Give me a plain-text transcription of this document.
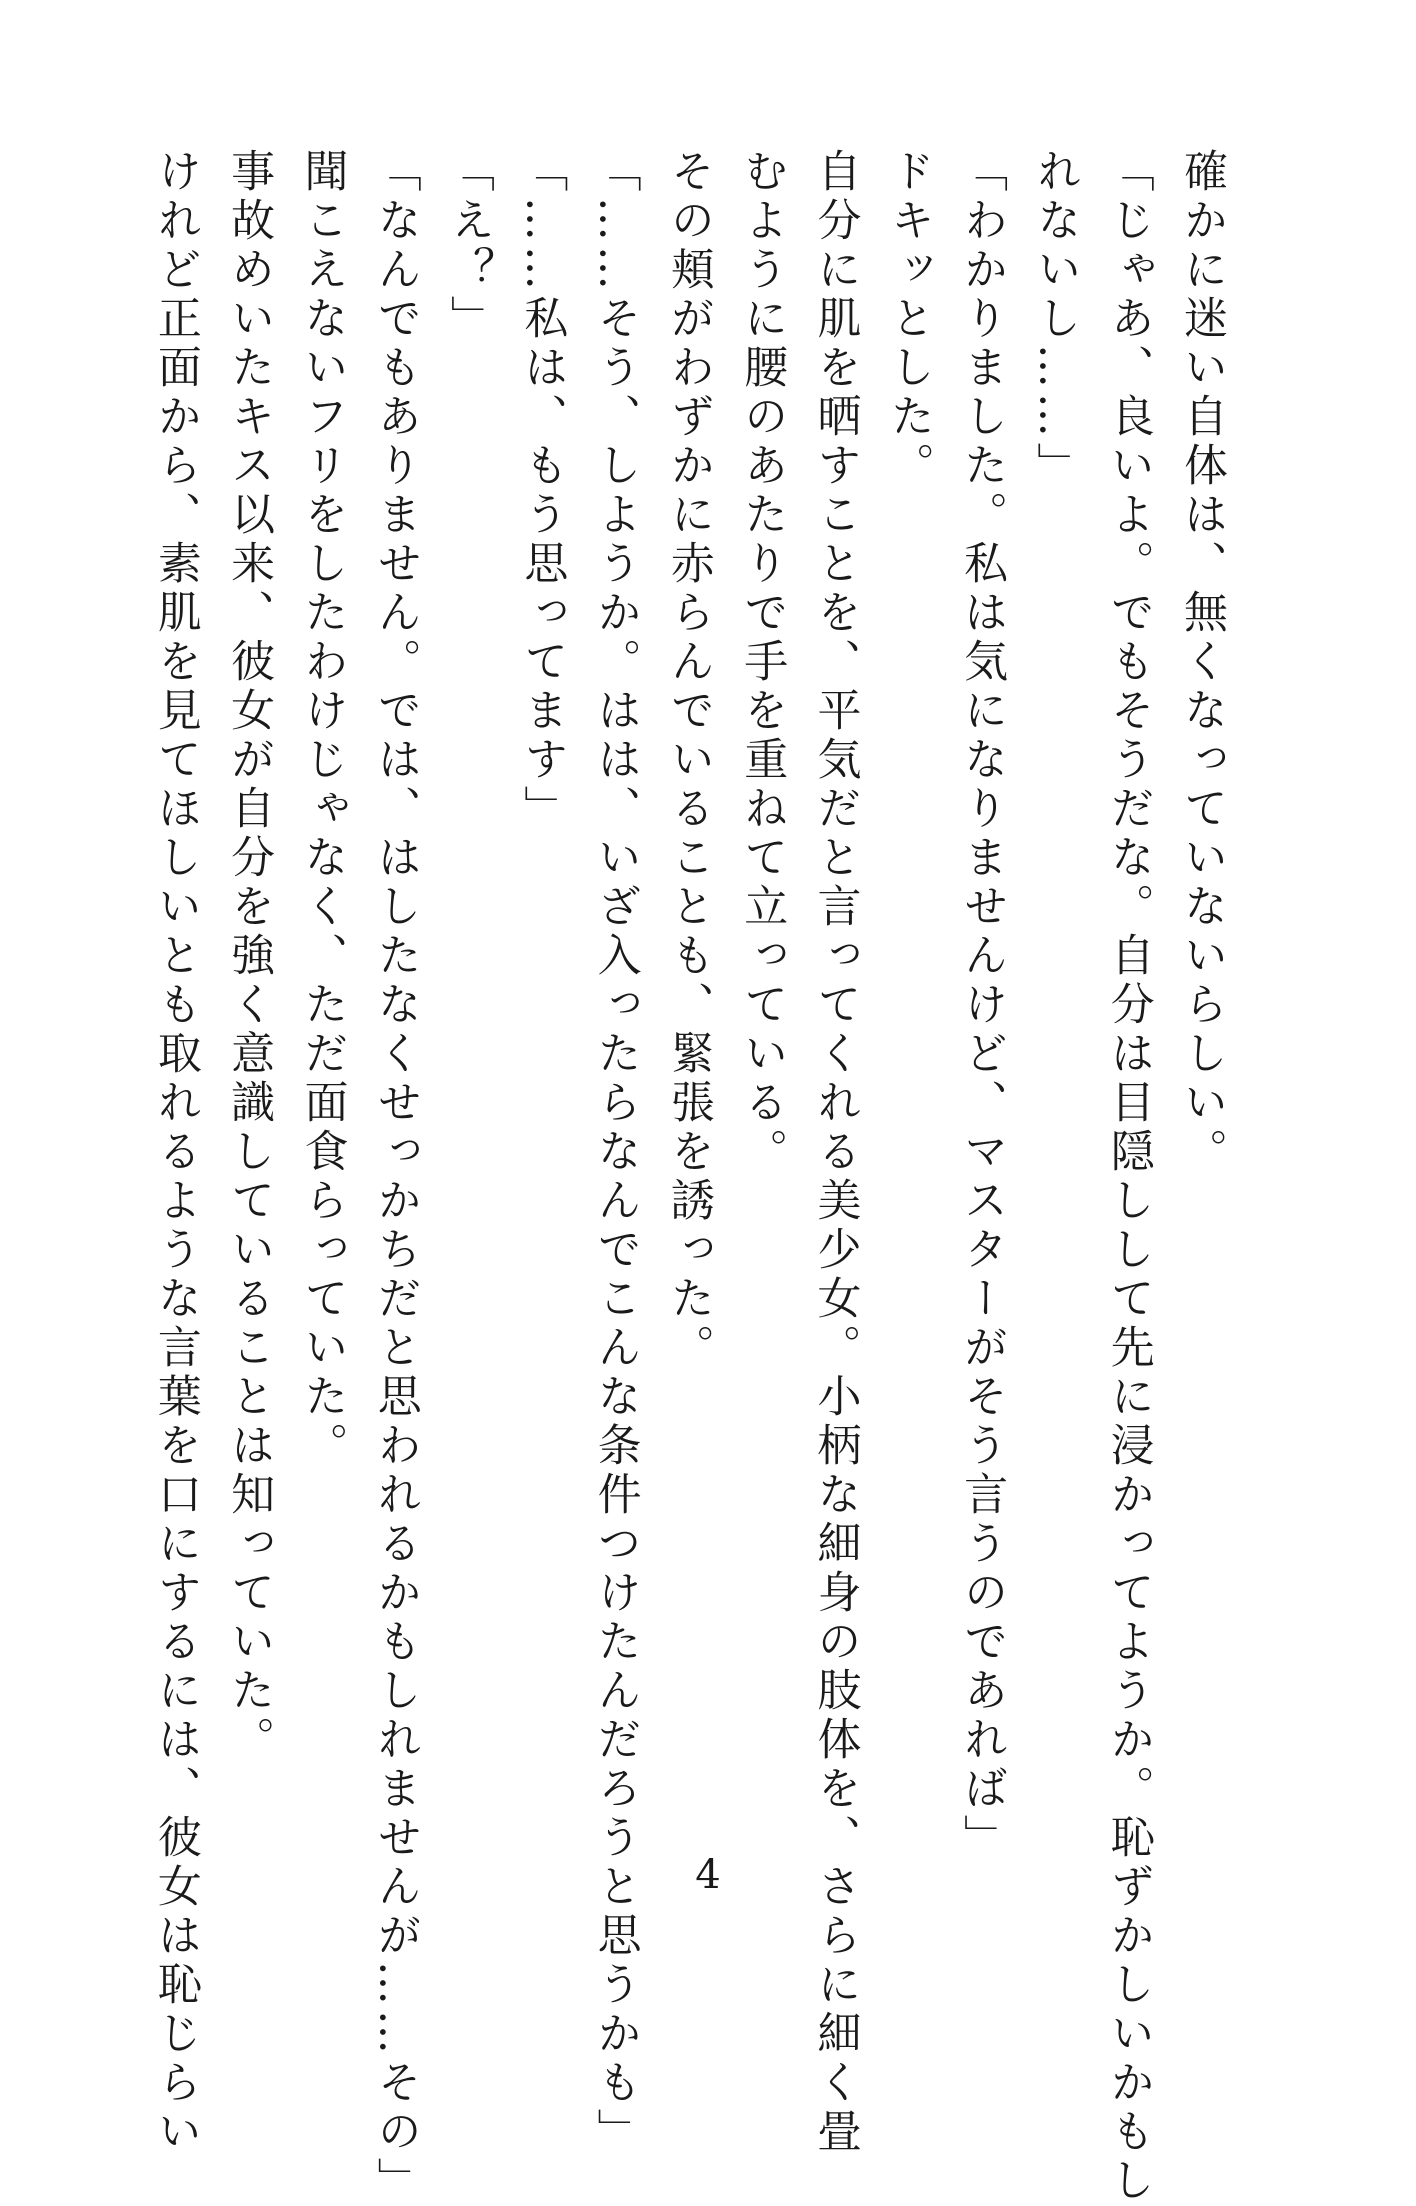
確かに迷い自体は、無くなっていないらしい。
「じゃあ、良いよ。でもそうだな。自分は目隠しして先に浸かってようか。恥ずかしいかもし
れないし……」
「わかりました。私は気になりませんけど、マスターがそう言うのであれば」
ドキッとした。
自分に肌を晒すことを、平気だと言ってくれる美少女。小柄な細身の肢体を、さらに細く畳
むように腰のあたりで手を重ねて立っている。
その頬がわずかに赤らんでいることも、緊張を誘った。
「……そう、しようか。はは、いざ入ったらなんでこんな条件つけたんだろうと思うかも」
「……私は、もう思ってます」
「え？」
「なんでもありません。では、はしたなくせっかちだと思われるかもしれませんが……その」
聞こえないフリをしたわけじゃなく、ただ面食らっていた。
事故めいたキス以来、彼女が自分を強く意識していることは知っていた。
けれど正面から、素肌を見てほしいとも取れるような言葉を口にするには、彼女は恥じらい	4
